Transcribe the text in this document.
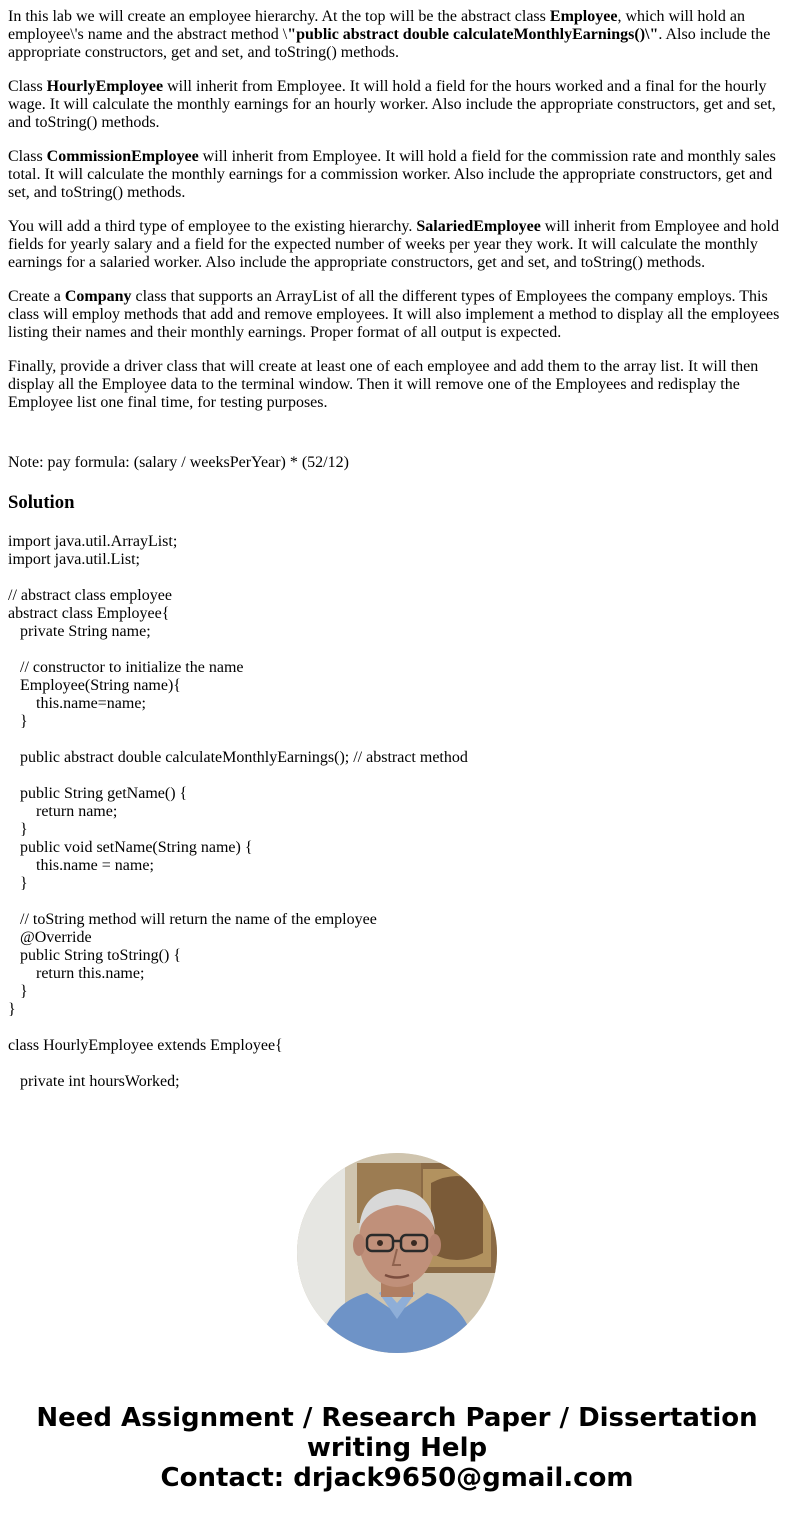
In this lab we will create an employee hierarchy. At the top will be the abstract class Employee, which will hold an employee\'s name and the abstract method \"public abstract double calculateMonthlyEarnings()\". Also include the appropriate constructors, get and set, and toString() methods.

Class HourlyEmployee will inherit from Employee. It will hold a field for the hours worked and a final for the hourly wage. It will calculate the monthly earnings for an hourly worker. Also include the appropriate constructors, get and set, and toString() methods.

Class CommissionEmployee will inherit from Employee. It will hold a field for the commission rate and monthly sales total. It will calculate the monthly earnings for a commission worker. Also include the appropriate constructors, get and set, and toString() methods.

You will add a third type of employee to the existing hierarchy. SalariedEmployee will inherit from Employee and hold fields for yearly salary and a field for the expected number of weeks per year they work. It will calculate the monthly earnings for a salaried worker. Also include the appropriate constructors, get and set, and toString() methods.

Create a Company class that supports an ArrayList of all the different types of Employees the company employs. This class will employ methods that add and remove employees. It will also implement a method to display all the employees listing their names and their monthly earnings. Proper format of all output is expected.

Finally, provide a driver class that will create at least one of each employee and add them to the array list. It will then display all the Employee data to the terminal window. Then it will remove one of the Employees and redisplay the Employee list one final time, for testing purposes.

Note: pay formula: (salary / weeksPerYear) * (52/12)

Solution
import java.util.ArrayList;
import java.util.List;

// abstract class employee
abstract class Employee{
private String name;

// constructor to initialize the name
Employee(String name){
this.name=name;
}

public abstract double calculateMonthlyEarnings(); // abstract method

public String getName() {
return name;
}
public void setName(String name) {
this.name = name;
}

// toString method will return the name of the employee
@Override
public String toString() {
return this.name;
}
}

class HourlyEmployee extends Employee{

private int hoursWorked;
Need Assignment / Research Paper / Dissertation
writing Help
Contact: drjack9650@gmail.com
